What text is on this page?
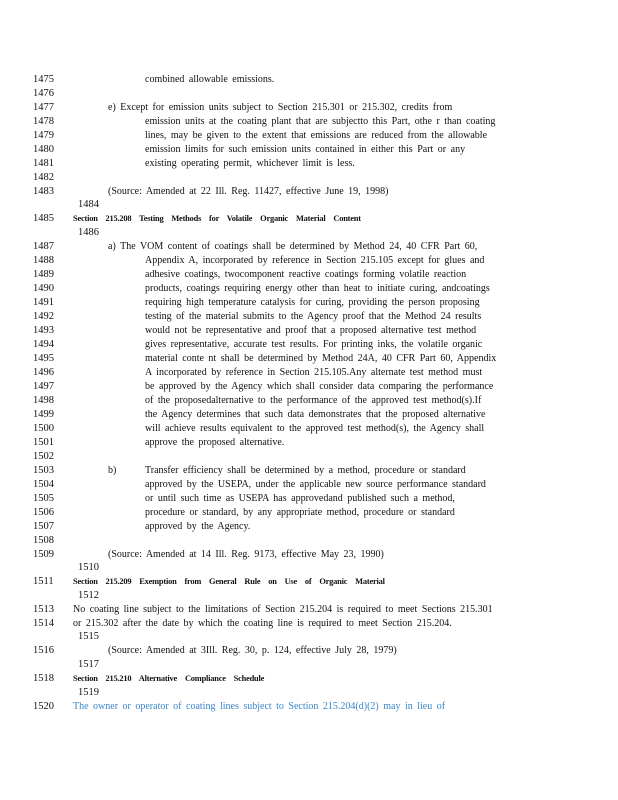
1475	combined allowable emissions.
1476
1477	e) Except for emission units subject to Section 215.301 or 215.302, credits from
1478	emission units at the coating plant that are subjectto this Part, othe r than coating
1479	lines, may be given to the extent that emissions are reduced from the allowable
1480	emission limits for such emission units contained in either this Part or any
1481	existing operating permit, whichever limit is less.
1482
1483	(Source: Amended at 22 Ill. Reg. 11427, effective June 19, 1998)
1484
1485 Section 215.208 Testing Methods for Volatile Organic Material Content
1486
1487	a) The VOM content of coatings shall be determined by Method 24, 40 CFR Part 60,
1488	Appendix A, incorporated by reference in Section 215.105 except for glues and
1489	adhesive coatings, twocomponent reactive coatings forming volatile reaction
1490	products, coatings requiring energy other than heat to initiate curing, andcoatings
1491	requiring high temperature catalysis for curing, providing the person proposing
1492	testing of the material submits to the Agency proof that the Method 24 results
1493	would not be representative and proof that a proposed alternative test method
1494	gives representative, accurate test results. For printing inks, the volatile organic
1495	material conte nt shall be determined by Method 24A, 40 CFR Part 60, Appendix
1496	A incorporated by reference in Section 215.105.Any alternate test method must
1497	be approved by the Agency which shall consider data comparing the performance
1498	of the proposedalternative to the performance of the approved test method(s).If
1499	the Agency determines that such data demonstrates that the proposed alternative
1500	will achieve results equivalent to the approved test method(s), the Agency shall
1501	approve the proposed alternative.
1502
1503	b)	Transfer efficiency shall be determined by a method, procedure or standard
1504	approved by the USEPA, under the applicable new source performance standard
1505	or until such time as USEPA has approvedand published such a method,
1506	procedure or standard, by any appropriate method, procedure or standard
1507	approved by the Agency.
1508
1509	(Source: Amended at 14 Ill. Reg. 9173, effective May 23, 1990)
1510
1511 Section 215.209 Exemption from General Rule on Use of Organic Material
1512
1513 No coating line subject to the limitations of Section 215.204 is required to meet Sections 215.301
1514 or 215.302 after the date by which the coating line is required to meet Section 215.204.
1515
1516	(Source: Amended at 3Ill. Reg. 30, p. 124, effective July 28, 1979)
1517
1518 Section 215.210 Alternative Compliance Schedule
1519
1520 The owner or operator of coating lines subject to Section 215.204(d)(2) may in lieu of
